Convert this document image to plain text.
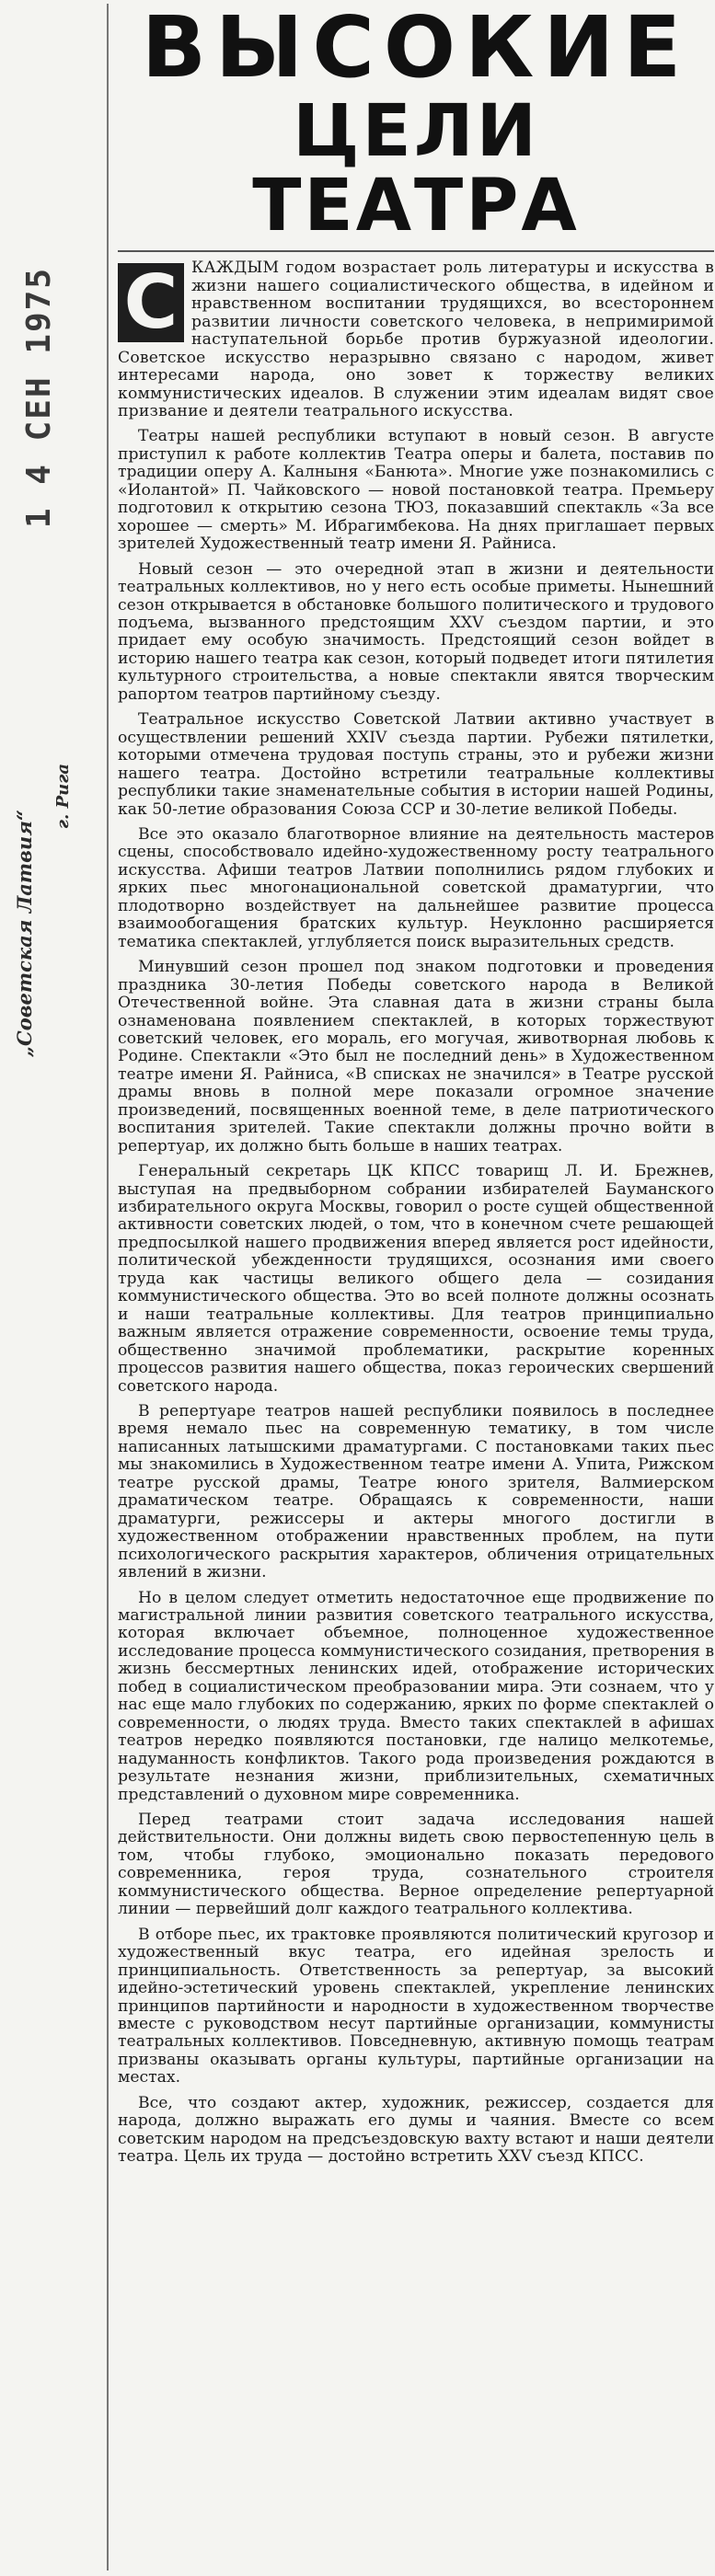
1 4 СЕН 1975
„Советская Латвия“
г. Рига
ВЫСОКИЕ
ЦЕЛИ ТЕАТРА

С КАЖДЫМ годом возрастает роль литературы и искусства в жизни нашего социалистического общества, в идейном и нравственном воспитании трудящихся, во всестороннем развитии личности советского человека, в непримиримой наступательной борьбе против буржуазной идеологии. Советское искусство неразрывно связано с народом, живет интересами народа, оно зовет к торжеству великих коммунистических идеалов. В служении этим идеалам видят свое призвание и деятели театрального искусства.

Театры нашей республики вступают в новый сезон. В августе приступил к работе коллектив Театра оперы и балета, поставив по традиции оперу А. Калныня «Банюта». Многие уже познакомились с «Иолантой» П. Чайковского — новой постановкой театра. Премьеру подготовил к открытию сезона ТЮЗ, показавший спектакль «За все хорошее — смерть» М. Ибрагимбекова. На днях приглашает первых зрителей Художественный театр имени Я. Райниса.

Новый сезон — это очередной этап в жизни и деятельности театральных коллективов, но у него есть особые приметы. Нынешний сезон открывается в обстановке большого политического и трудового подъема, вызванного предстоящим XXV съездом партии, и это придает ему особую значимость. Предстоящий сезон войдет в историю нашего театра как сезон, который подведет итоги пятилетия культурного строительства, а новые спектакли явятся творческим рапортом театров партийному съезду.

Театральное искусство Советской Латвии активно участвует в осуществлении решений XXIV съезда партии. Рубежи пятилетки, которыми отмечена трудовая поступь страны, это и рубежи жизни нашего театра. Достойно встретили театральные коллективы республики такие знаменательные события в истории нашей Родины, как 50-летие образования Союза ССР и 30-летие великой Победы.

Все это оказало благотворное влияние на деятельность мастеров сцены, способствовало идейно-художественному росту театрального искусства. Афиши театров Латвии пополнились рядом глубоких и ярких пьес многонациональной советской драматургии, что плодотворно воздействует на дальнейшее развитие процесса взаимообогащения братских культур. Неуклонно расширяется тематика спектаклей, углубляется поиск выразительных средств.

Минувший сезон прошел под знаком подготовки и проведения праздника 30-летия Победы советского народа в Великой Отечественной войне. Эта славная дата в жизни страны была ознаменована появлением спектаклей, в которых торжествуют советский человек, его мораль, его могучая, животворная любовь к Родине. Спектакли «Это был не последний день» в Художественном театре имени Я. Райниса, «В списках не значился» в Театре русской драмы вновь в полной мере показали огромное значение произведений, посвященных военной теме, в деле патриотического воспитания зрителей. Такие спектакли должны прочно войти в репертуар, их должно быть больше в наших театрах.

Генеральный секретарь ЦК КПСС товарищ Л. И. Брежнев, выступая на предвыборном собрании избирателей Бауманского избирательного округа Москвы, говорил о росте сущей общественной активности советских людей, о том, что в конечном счете решающей предпосылкой нашего продвижения вперед является рост идейности, политической убежденности трудящихся, осознания ими своего труда как частицы великого общего дела — созидания коммунистического общества. Это во всей полноте должны осознать и наши театральные коллективы. Для театров принципиально важным является отражение современности, освоение темы труда, общественно значимой проблематики, раскрытие коренных процессов развития нашего общества, показ героических свершений советского народа.

В репертуаре театров нашей республики появилось в последнее время немало пьес на современную тематику, в том числе написанных латышскими драматургами. С постановками таких пьес мы знакомились в Художественном театре имени А. Упита, Рижском театре русской драмы, Театре юного зрителя, Валмиерском драматическом театре. Обращаясь к современности, наши драматурги, режиссеры и актеры многого достигли в художественном отображении нравственных проблем, на пути психологического раскрытия характеров, обличения отрицательных явлений в жизни.

Но в целом следует отметить недостаточное еще продвижение по магистральной линии развития советского театрального искусства, которая включает объемное, полноценное художественное исследование процесса коммунистического созидания, претворения в жизнь бессмертных ленинских идей, отображение исторических побед в социалистическом преобразовании мира. Эти сознаем, что у нас еще мало глубоких по содержанию, ярких по форме спектаклей о современности, о людях труда. Вместо таких спектаклей в афишах театров нередко появляются постановки, где налицо мелкотемье, надуманность конфликтов. Такого рода произведения рождаются в результате незнания жизни, приблизительных, схематичных представлений о духовном мире современника.

Перед театрами стоит задача исследования нашей действительности. Они должны видеть свою первостепенную цель в том, чтобы глубоко, эмоционально показать передового современника, героя труда, сознательного строителя коммунистического общества. Верное определение репертуарной линии — первейший долг каждого театрального коллектива.

В отборе пьес, их трактовке проявляются политический кругозор и художественный вкус театра, его идейная зрелость и принципиальность. Ответственность за репертуар, за высокий идейно-эстетический уровень спектаклей, укрепление ленинских принципов партийности и народности в художественном творчестве вместе с руководством несут партийные организации, коммунисты театральных коллективов. Повседневную, активную помощь театрам призваны оказывать органы культуры, партийные организации на местах.

Все, что создают актер, художник, режиссер, создается для народа, должно выражать его думы и чаяния. Вместе со всем советским народом на предсъездовскую вахту встают и наши деятели театра. Цель их труда — достойно встретить XXV съезд КПСС.
